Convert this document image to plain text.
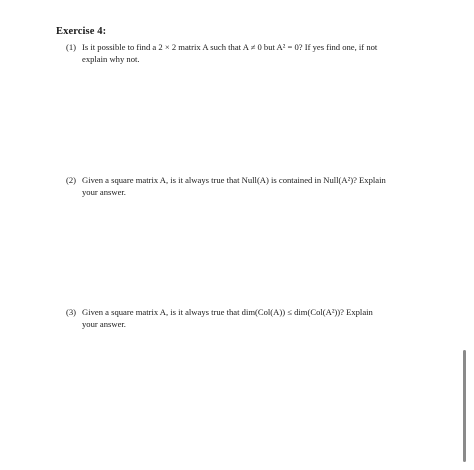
Exercise 4:
(1) Is it possible to find a 2 × 2 matrix A such that A ≠ 0 but A² = 0? If yes find one, if not
explain why not.
(2) Given a square matrix A, is it always true that Null(A) is contained in Null(A²)? Explain
your answer.
(3) Given a square matrix A, is it always true that dim(Col(A)) ≤ dim(Col(A²))? Explain
your answer.
